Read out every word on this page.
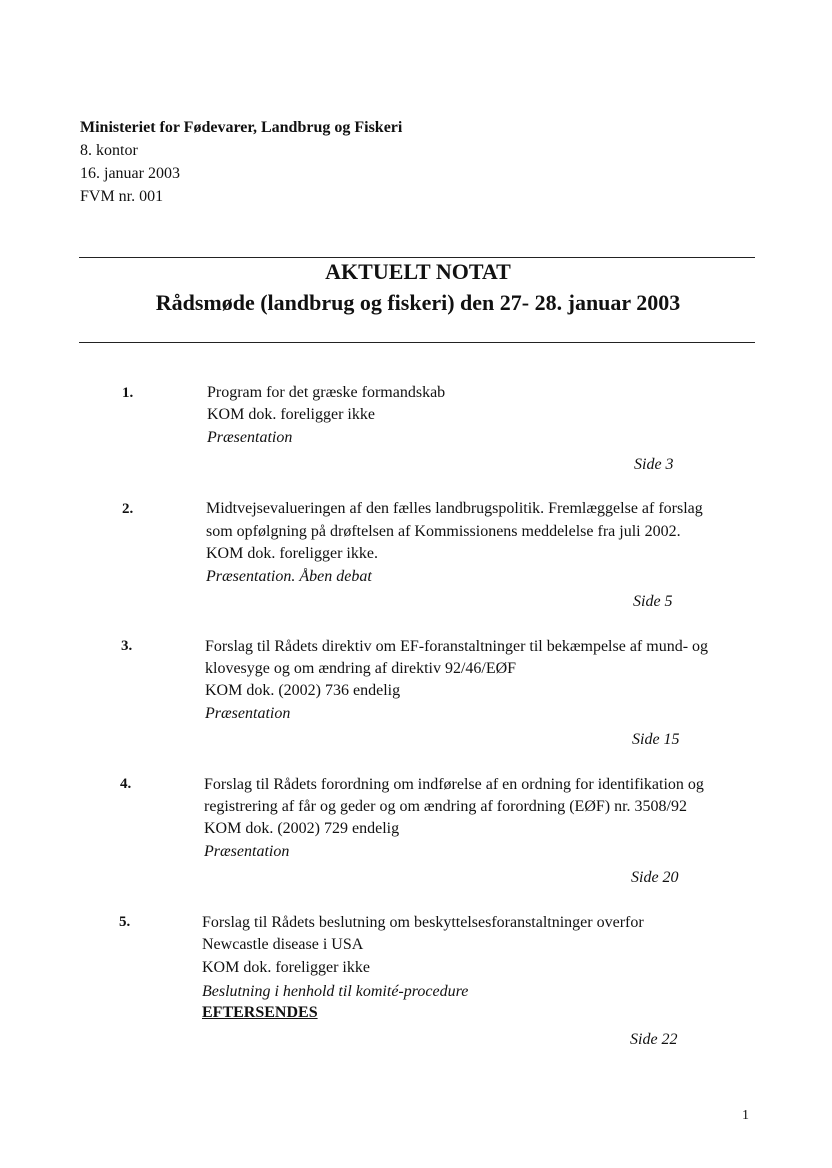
Ministeriet for Fødevarer, Landbrug og Fiskeri
8. kontor
16. januar 2003
FVM nr. 001
AKTUELT NOTAT
Rådsmøde (landbrug og fiskeri) den 27- 28. januar 2003
1.	Program for det græske formandskab
KOM dok. foreligger ikke
Præsentation
Side 3
2.	Midtvejsevalueringen af den fælles landbrugspolitik. Fremlæggelse af forslag
som opfølgning på drøftelsen af Kommissionens meddelelse fra juli 2002.
KOM dok. foreligger ikke.
Præsentation. Åben debat
Side 5
3.	Forslag til Rådets direktiv om EF-foranstaltninger til bekæmpelse af mund- og
klovesyge og om ændring af direktiv 92/46/EØF
KOM dok. (2002) 736 endelig
Præsentation
Side 15
4.	Forslag til Rådets forordning om indførelse af en ordning for identifikation og
registrering af får og geder og om ændring af forordning (EØF) nr. 3508/92
KOM dok. (2002) 729 endelig
Præsentation
Side 20
5.	Forslag til Rådets beslutning om beskyttelsesforanstaltninger overfor
Newcastle disease i USA
KOM dok. foreligger ikke
Beslutning i henhold til komité-procedure
EFTERSENDES
Side 22
1
